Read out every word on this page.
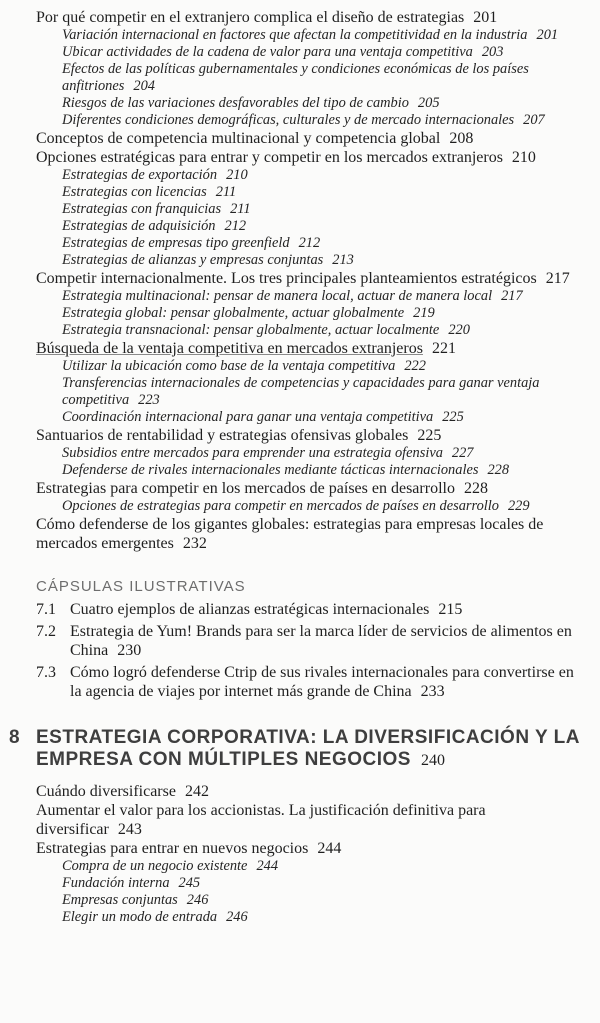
Por qué competir en el extranjero complica el diseño de estrategias 201

Variación internacional en factores que afectan la competitividad en la industria 201

Ubicar actividades de la cadena de valor para una ventaja competitiva 203

Efectos de las políticas gubernamentales y condiciones económicas de los países anfitriones 204

Riesgos de las variaciones desfavorables del tipo de cambio 205

Diferentes condiciones demográficas, culturales y de mercado internacionales 207

Conceptos de competencia multinacional y competencia global 208

Opciones estratégicas para entrar y competir en los mercados extranjeros 210

Estrategias de exportación 210

Estrategias con licencias 211

Estrategias con franquicias 211

Estrategias de adquisición 212

Estrategias de empresas tipo greenfield 212

Estrategias de alianzas y empresas conjuntas 213

Competir internacionalmente. Los tres principales planteamientos estratégicos 217

Estrategia multinacional: pensar de manera local, actuar de manera local 217

Estrategia global: pensar globalmente, actuar globalmente 219

Estrategia transnacional: pensar globalmente, actuar localmente 220

Búsqueda de la ventaja competitiva en mercados extranjeros 221

Utilizar la ubicación como base de la ventaja competitiva 222

Transferencias internacionales de competencias y capacidades para ganar ventaja competitiva 223

Coordinación internacional para ganar una ventaja competitiva 225

Santuarios de rentabilidad y estrategias ofensivas globales 225

Subsidios entre mercados para emprender una estrategia ofensiva 227

Defenderse de rivales internacionales mediante tácticas internacionales 228

Estrategias para competir en los mercados de países en desarrollo 228

Opciones de estrategias para competir en mercados de países en desarrollo 229

Cómo defenderse de los gigantes globales: estrategias para empresas locales de mercados emergentes 232

CÁPSULAS ILUSTRATIVAS
7.1 Cuatro ejemplos de alianzas estratégicas internacionales 215
7.2 Estrategia de Yum! Brands para ser la marca líder de servicios de alimentos en China 230
7.3 Cómo logró defenderse Ctrip de sus rivales internacionales para convertirse en la agencia de viajes por internet más grande de China 233
8 ESTRATEGIA CORPORATIVA: LA DIVERSIFICACIÓN Y LA EMPRESA CON MÚLTIPLES NEGOCIOS 240

Cuándo diversificarse 242

Aumentar el valor para los accionistas. La justificación definitiva para diversificar 243

Estrategias para entrar en nuevos negocios 244

Compra de un negocio existente 244

Fundación interna 245

Empresas conjuntas 246

Elegir un modo de entrada 246
